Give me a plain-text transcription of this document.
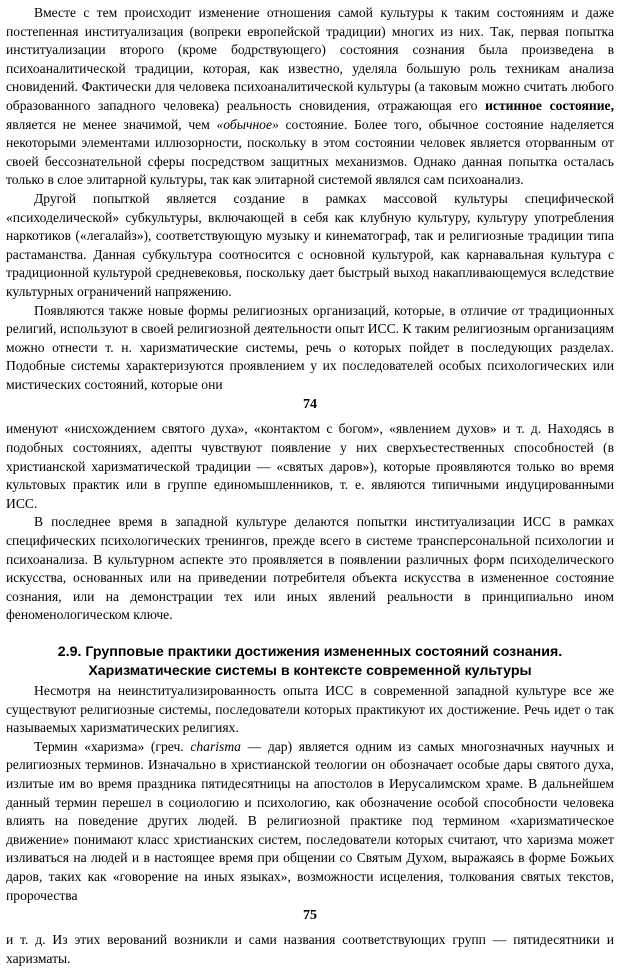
Вместе с тем происходит изменение отношения самой культуры к таким состояниям и даже постепенная институализация (вопреки европейской традиции) многих из них. Так, первая попытка институализации второго (кроме бодрствующего) состояния сознания была произведена в психоаналитической традиции, которая, как известно, уделяла большую роль техникам анализа сновидений. Фактически для человека психоаналитической культуры (а таковым можно считать любого образованного западного человека) реальность сновидения, отражающая его истинное состояние, является не менее значимой, чем «обычное» состояние. Более того, обычное состояние наделяется некоторыми элементами иллюзорности, поскольку в этом состоянии человек является оторванным от своей бессознательной сферы посредством защитных механизмов. Однако данная попытка осталась только в слое элитарной культуры, так как элитарной системой являлся сам психоанализ.

Другой попыткой является создание в рамках массовой культуры специфической «психоделической» субкультуры, включающей в себя как клубную культуру, культуру употребления наркотиков («легалайз»), соответствующую музыку и кинематограф, так и религиозные традиции типа растаманства. Данная субкультура соотносится с основной культурой, как карнавальная культура с традиционной культурой средневековья, поскольку дает быстрый выход накапливающемуся вследствие культурных ограничений напряжению.

Появляются также новые формы религиозных организаций, которые, в отличие от традиционных религий, используют в своей религиозной деятельности опыт ИСС. К таким религиозным организациям можно отнести т. н. харизматические системы, речь о которых пойдет в последующих разделах. Подобные системы характеризуются проявлением у их последователей особых психологических или мистических состояний, которые они

74

именуют «нисхождением святого духа», «контактом с богом», «явлением духов» и т. д. Находясь в подобных состояниях, адепты чувствуют появление у них сверхъестественных способностей (в христианской харизматической традиции — «святых даров»), которые проявляются только во время культовых практик или в группе единомышленников, т. е. являются типичными индуцированными ИСС.

В последнее время в западной культуре делаются попытки институализации ИСС в рамках специфических психологических тренингов, прежде всего в системе трансперсональной психологии и психоанализа. В культурном аспекте это проявляется в появлении различных форм психоделического искусства, основанных или на приведении потребителя объекта искусства в измененное состояние сознания, или на демонстрации тех или иных явлений реальности в принципиально ином феноменологическом ключе.

2.9. Групповые практики достижения измененных состояний сознания.
Харизматические системы в контексте современной культуры

Несмотря на неинституализированность опыта ИСС в современной западной культуре все же существуют религиозные системы, последователи которых практикуют их достижение. Речь идет о так называемых харизматических религиях.

Термин «харизма» (греч. charisma — дар) является одним из самых многозначных научных и религиозных терминов. Изначально в христианской теологии он обозначает особые дары святого духа, излитые им во время праздника пятидесятницы на апостолов в Иерусалимском храме. В дальнейшем данный термин перешел в социологию и психологию, как обозначение особой способности человека влиять на поведение других людей. В религиозной практике под термином «харизматическое движение» понимают класс христианских систем, последователи которых считают, что харизма может изливаться на людей и в настоящее время при общении со Святым Духом, выражаясь в форме Божьих даров, таких как «говорение на иных языках», возможности исцеления, толкования святых текстов, пророчества

75

и т. д. Из этих верований возникли и сами названия соответствующих групп — пятидесятники и харизматы.
